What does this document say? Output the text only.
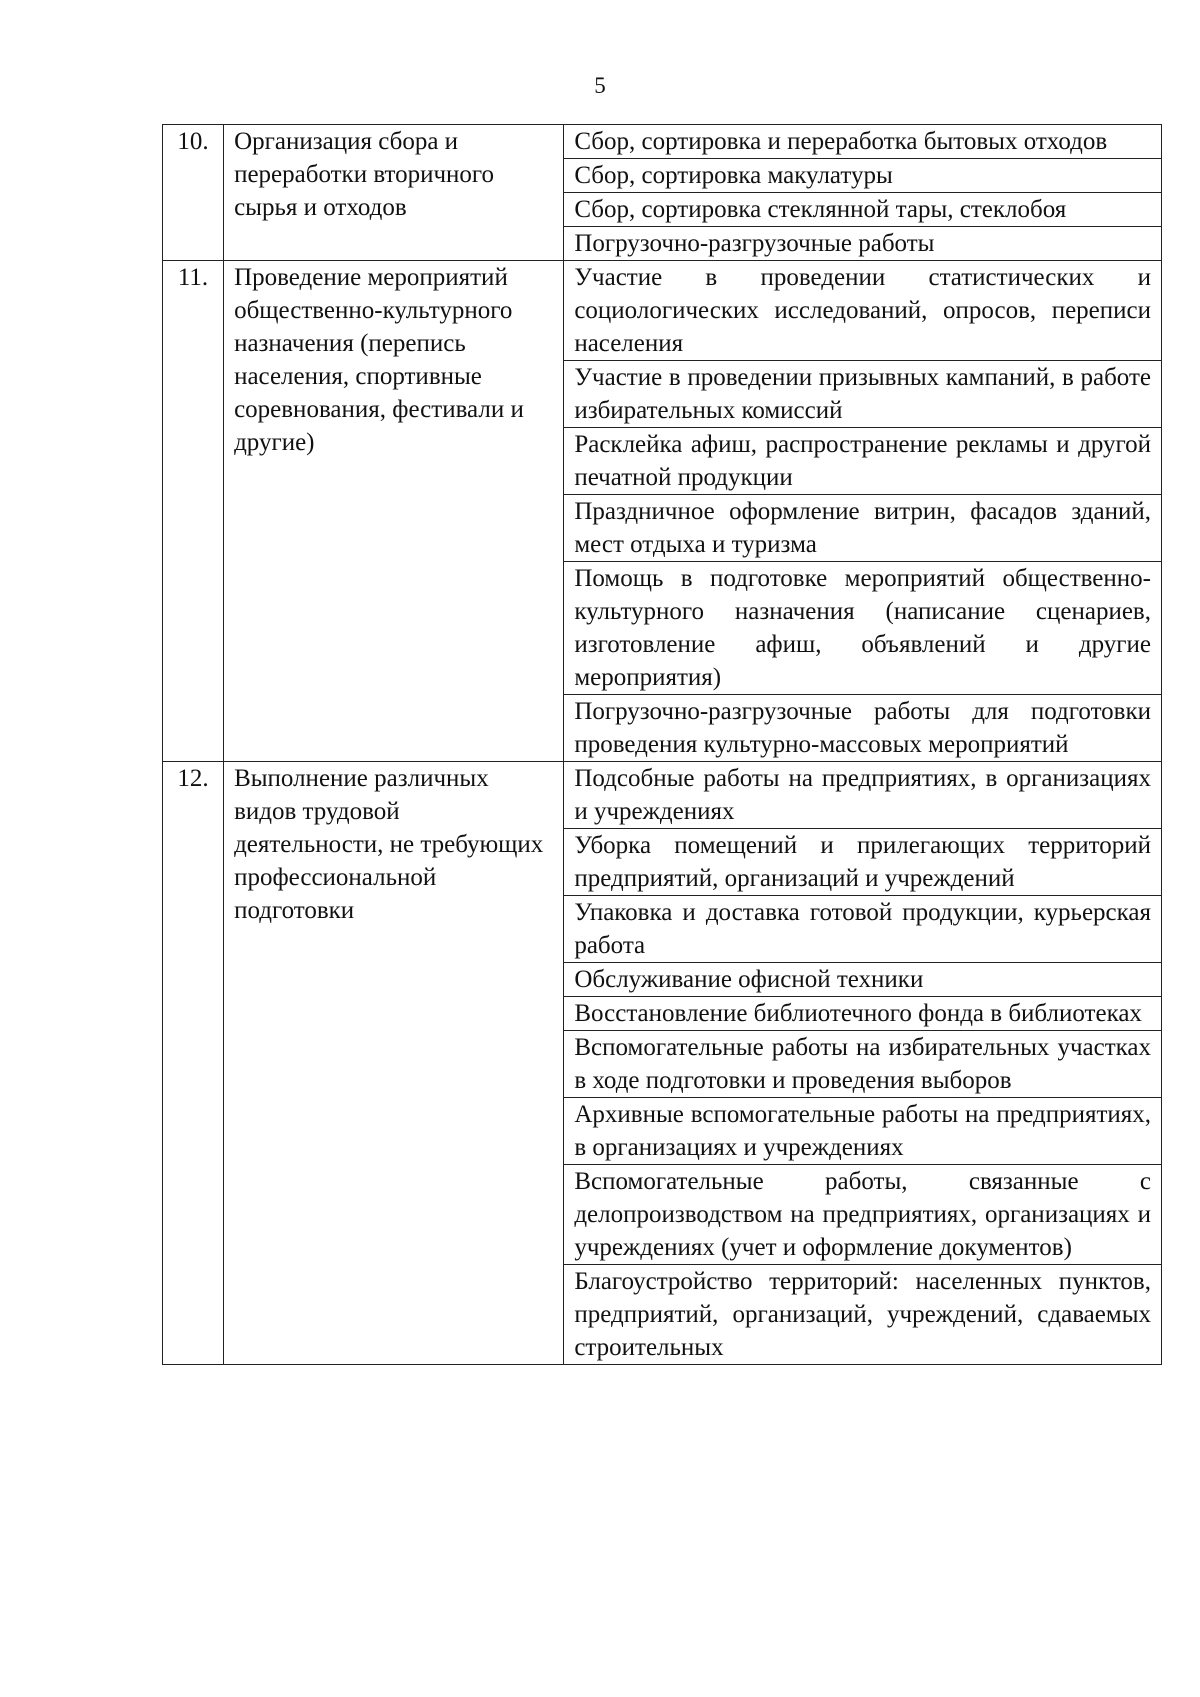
5
10.	Организация сбора и переработки вторичного сырья и отходов	Сбор, сортировка и переработка бытовых отходов
		Сбор, сортировка макулатуры
		Сбор, сортировка стеклянной тары, стеклобоя
		Погрузочно-разгрузочные работы
11.	Проведение мероприятий общественно-культурного назначения (перепись населения, спортивные соревнования, фестивали и другие)	Участие в проведении статистических и социологических исследований, опросов, переписи населения
		Участие в проведении призывных кампаний, в работе избирательных комиссий
		Расклейка афиш, распространение рекламы и другой печатной продукции
		Праздничное оформление витрин, фасадов зданий, мест отдыха и туризма
		Помощь в подготовке мероприятий общественно-культурного назначения (написание сценариев, изготовление афиш, объявлений и другие мероприятия)
		Погрузочно-разгрузочные работы для подготовки проведения культурно-массовых мероприятий
12.	Выполнение различных видов трудовой деятельности, не требующих профессиональной подготовки	Подсобные работы на предприятиях, в организациях и учреждениях
		Уборка помещений и прилегающих территорий предприятий, организаций и учреждений
		Упаковка и доставка готовой продукции, курьерская работа
		Обслуживание офисной техники
		Восстановление библиотечного фонда в библиотеках
		Вспомогательные работы на избирательных участках в ходе подготовки и проведения выборов
		Архивные вспомогательные работы на предприятиях, в организациях и учреждениях
		Вспомогательные работы, связанные с делопроизводством на предприятиях, организациях и учреждениях (учет и оформление документов)
		Благоустройство территорий: населенных пунктов, предприятий, организаций, учреждений, сдаваемых строительных
